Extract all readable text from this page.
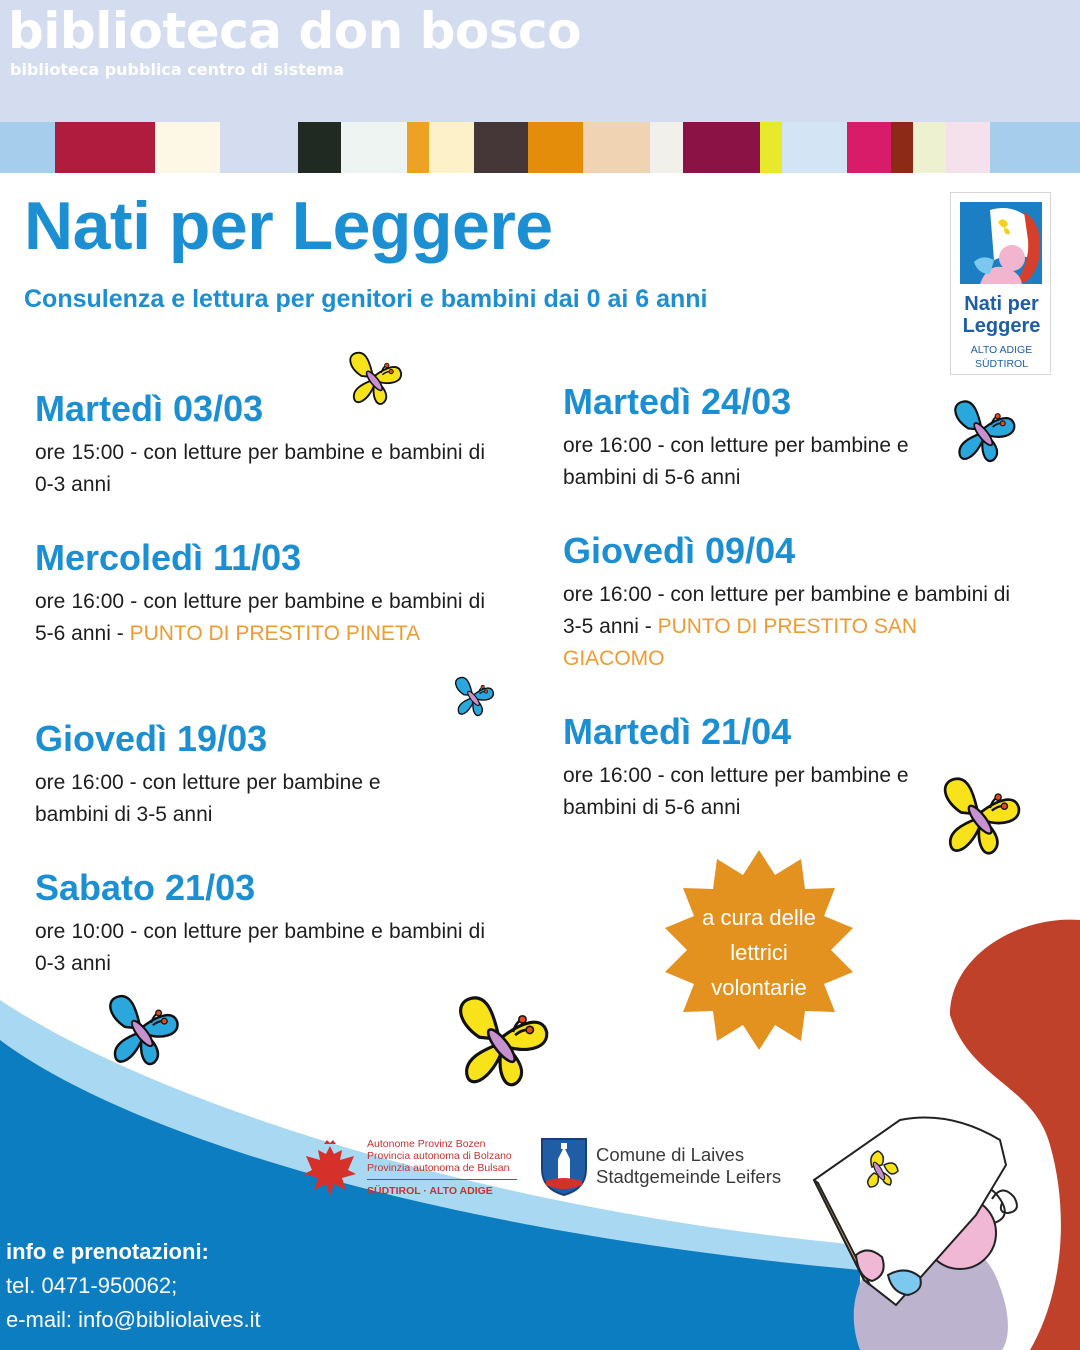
biblioteca don bosco
biblioteca pubblica centro di sistema
Nati per Leggere
Consulenza e lettura per genitori e bambini dai 0 ai 6 anni	Nati per
Leggere
ALTO ADIGE
SÜDTIROL
Martedì 03/03
ore 15:00 - con letture per bambine e bambini di 0-3 anni
Mercoledì 11/03
ore 16:00 - con letture per bambine e bambini di 5-6 anni - PUNTO DI PRESTITO PINETA
Giovedì 19/03
ore 16:00 - con letture per bambine e bambini di 3-5 anni
Sabato 21/03
ore 10:00 - con letture per bambine e bambini di 0-3 anni
Martedì 24/03
ore 16:00 - con letture per bambine e bambini di 5-6 anni
Giovedì 09/04
ore 16:00 - con letture per bambine e bambini di 3-5 anni - PUNTO DI PRESTITO SAN GIACOMO
Martedì 21/04
ore 16:00 - con letture per bambine e bambini di 5-6 anni
a cura delle
lettrici
volontarie
Autonome Provinz Bozen
Provincia autonoma di Bolzano
Provinzia autonoma de Bulsan
SÜDTIROL · ALTO ADIGE
Comune di Laives
Stadtgemeinde Leifers
info e prenotazioni:
tel. 0471-950062;
e-mail: info@bibliolaives.it
